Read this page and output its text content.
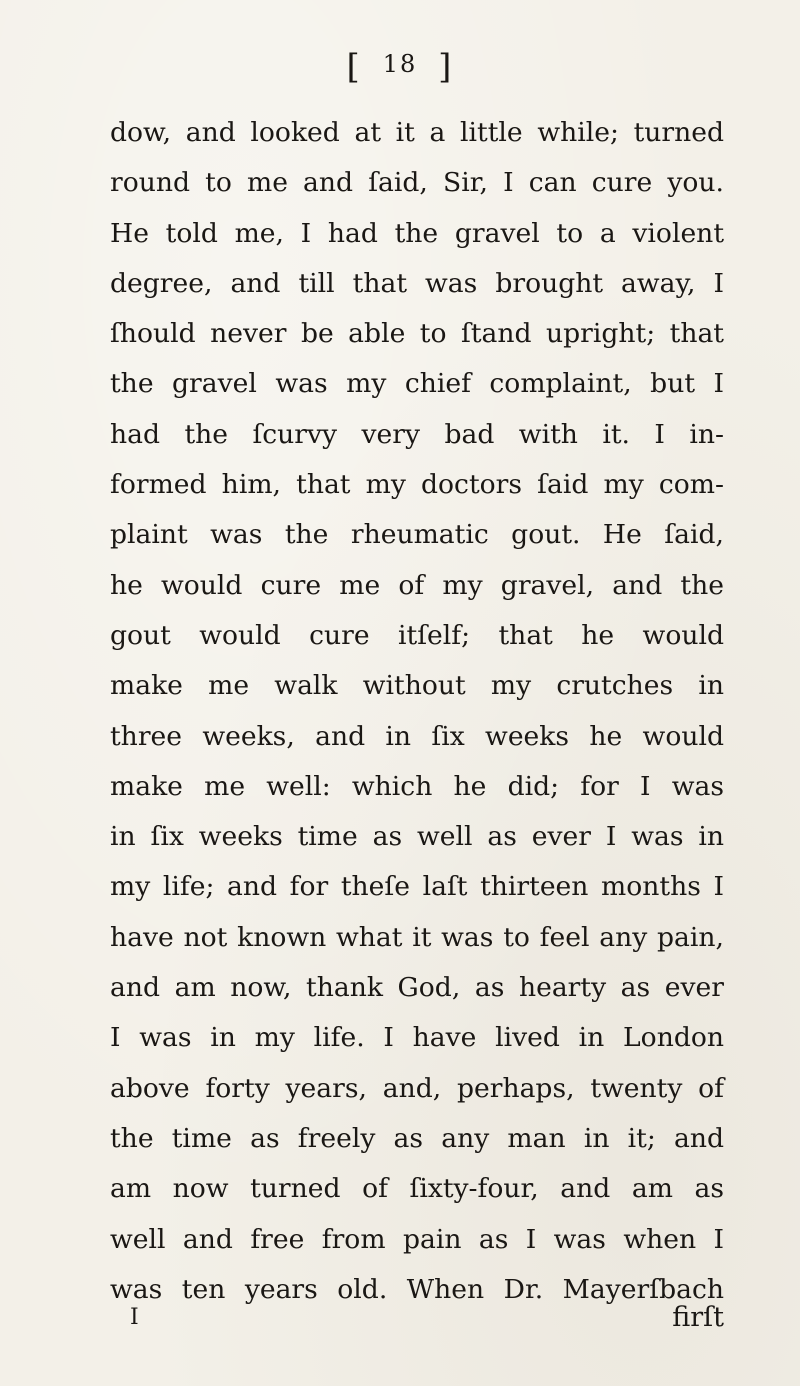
[ 18 ]
dow, and looked at it a little while; turned
round to me and ſaid, Sir, I can cure you.
He told me, I had the gravel to a violent
degree, and till that was brought away, I
ſhould never be able to ſtand upright; that
the gravel was my chief complaint, but I
had the ſcurvy very bad with it. I in-
formed him, that my doctors ſaid my com-
plaint was the rheumatic gout. He ſaid,
he would cure me of my gravel, and the
gout would cure itſelf; that he would
make me walk without my crutches in
three weeks, and in ſix weeks he would
make me well: which he did; for I was
in ſix weeks time as well as ever I was in
my life; and for theſe laſt thirteen months I
have not known what it was to feel any pain,
and am now, thank God, as hearty as ever
I was in my life. I have lived in London
above forty years, and, perhaps, twenty of
the time as freely as any man in it; and
am now turned of ſixty-four, and am as
well and free from pain as I was when I
was ten years old. When Dr. Mayerſbach
I	firſt
